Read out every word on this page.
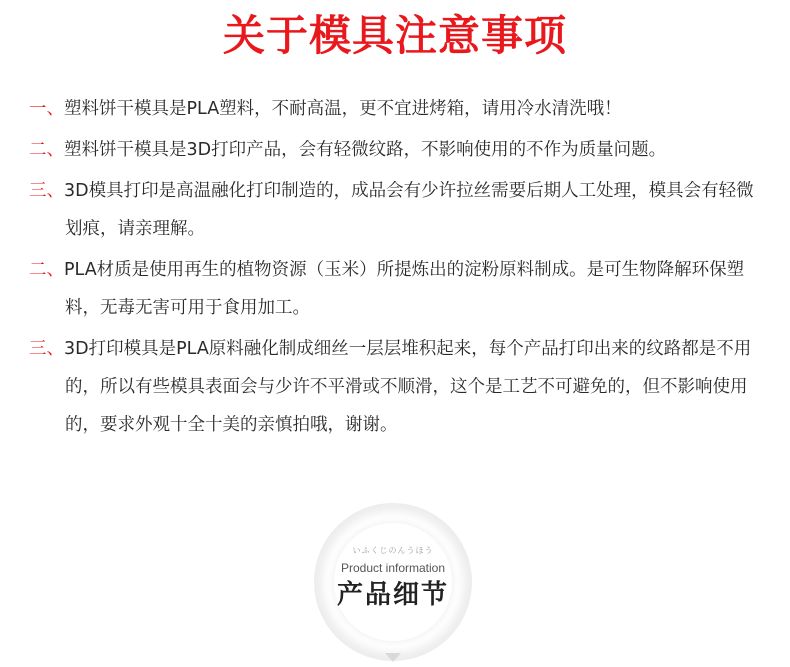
关于模具注意事项
一、塑料饼干模具是PLA塑料，不耐高温，更不宜进烤箱，请用冷水清洗哦！
二、塑料饼干模具是3D打印产品，会有轻微纹路，不影响使用的不作为质量问题。
三、3D模具打印是高温融化打印制造的，成品会有少许拉丝需要后期人工处理，模具会有轻微
划痕，请亲理解。
二、PLA材质是使用再生的植物资源（玉米）所提炼出的淀粉原料制成。是可生物降解环保塑
料，无毒无害可用于食用加工。
三、3D打印模具是PLA原料融化制成细丝一层层堆积起来，每个产品打印出来的纹路都是不用
的，所以有些模具表面会与少许不平滑或不顺滑，这个是工艺不可避免的，但不影响使用
的，要求外观十全十美的亲慎拍哦，谢谢。
いふくじのんうほう
Product information
产品细节
